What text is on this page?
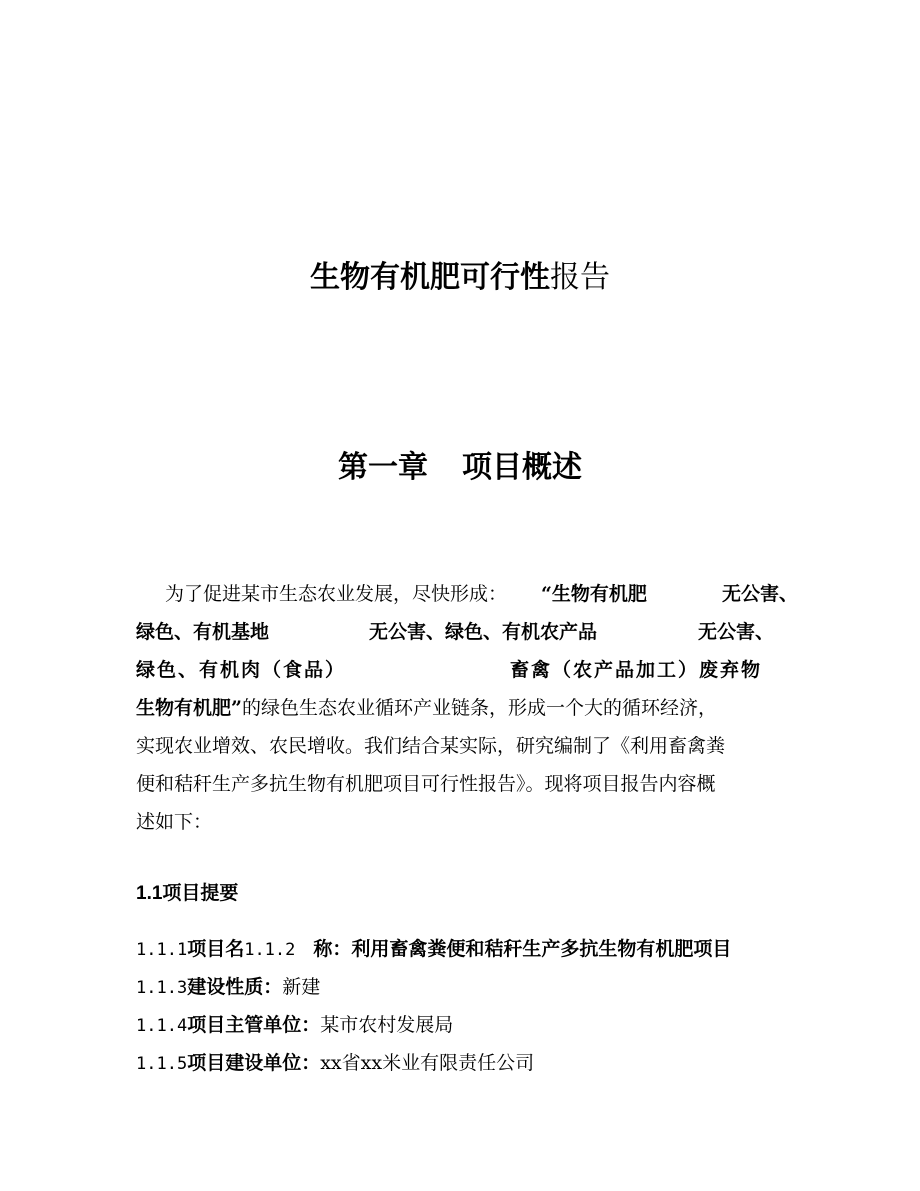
生物有机肥可行性报告
第一章 项目概述
为了促进某市生态农业发展，尽快形成： “生物有机肥	无公害、
绿色、有机基地	无公害、绿色、有机农产品	无公害、
绿色、有机肉（食品）	畜禽（农产品加工）废弃物
生物有机肥”的绿色生态农业循环产业链条，形成一个大的循环经济，
实现农业增效、农民增收。我们结合某实际，研究编制了《利用畜禽粪
便和秸秆生产多抗生物有机肥项目可行性报告》。现将项目报告内容概
述如下：
1.1项目提要
1.1.1项目名1.1.2 称：利用畜禽粪便和秸秆生产多抗生物有机肥项目
1.1.3建设性质：新建
1.1.4项目主管单位：某市农村发展局
1.1.5项目建设单位：xx省xx米业有限责任公司
